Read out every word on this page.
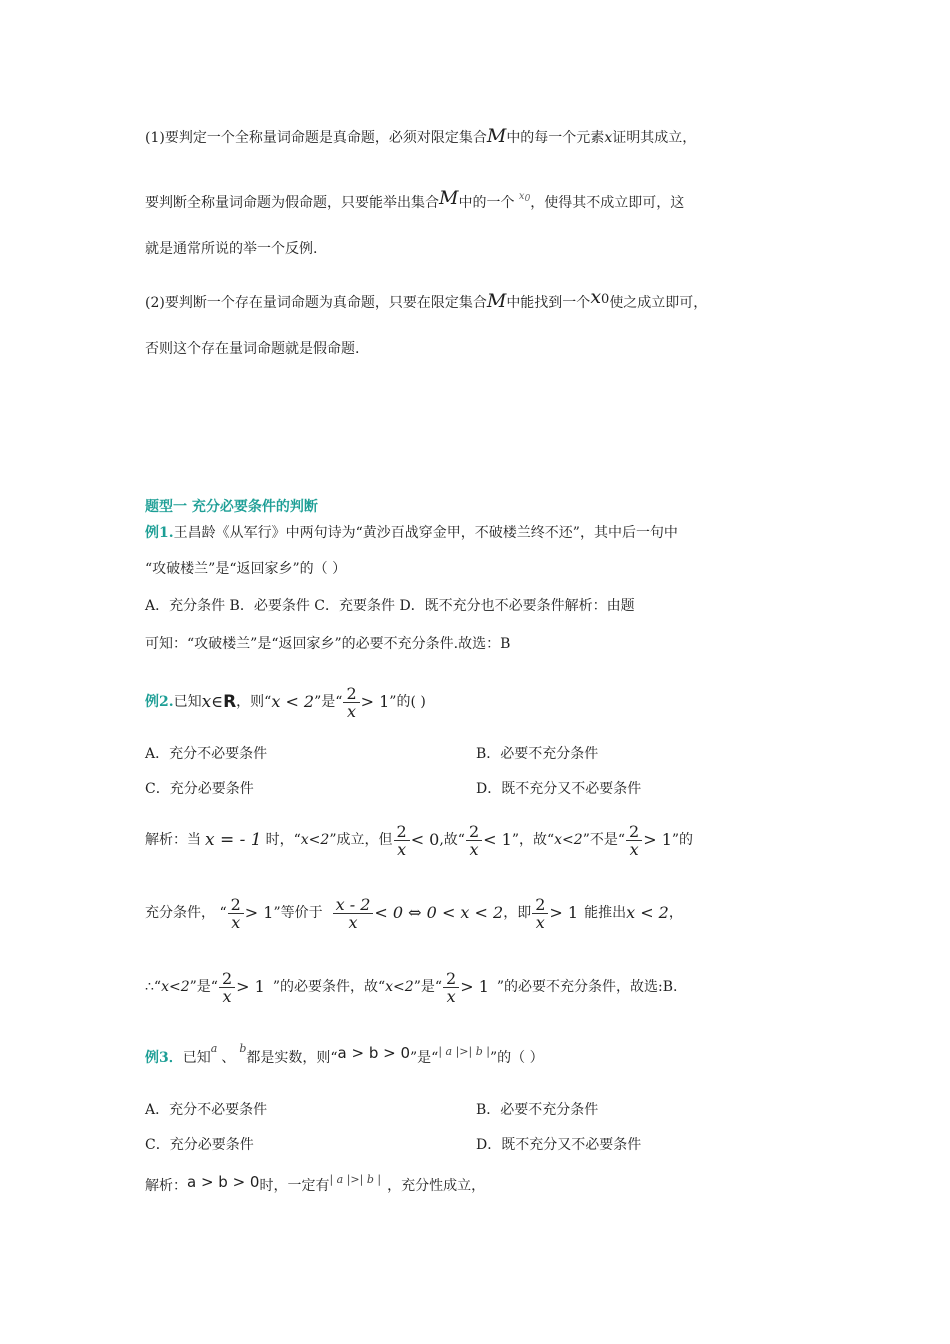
(1)要判定一个全称量词命题是真命题，必须对限定集合M中的每一个元素x证明其成立，
要判断全称量词命题为假命题，只要能举出集合M中的一个 $^{x0}$，使得其不成立即可，这
就是通常所说的举一个反例.
(2)要判断一个存在量词命题为真命题，只要在限定集合M中能找到一个x0使之成立即可，
否则这个存在量词命题就是假命题.
题型一 充分必要条件的判断
例1.王昌龄《从军行》中两句诗为“黄沙百战穿金甲，不破楼兰终不还”，其中后一句中
“攻破楼兰”是“返回家乡”的（ ）
A．充分条件 B．必要条件 C．充要条件 D．既不充分也不必要条件解析：由题
可知：“攻破楼兰”是“返回家乡”的必要不充分条件.故选：B
例2. 已知 x ∈ R ，则“ x < 2 ”是“ $\frac{2}{x} > 1$ ”的( )
A．充分不必要条件	B．必要不充分条件
C．充分必要条件	D．既不充分又不必要条件
解析：当 x = - 1 时，“ x<2 ”成立，但 $\frac{2}{x} < 0$ ,故“ $\frac{2}{x} < 1$ ”，故“ x<2 ”不是“ $\frac{2}{x} > 1$ ”的
充分条件， “ $\frac{2}{x} > 1$ ”等价于 $\frac{x - 2}{x} < 0$ ⇔ 0 < x < 2 ，即 $\frac{2}{x} > 1$ 能推出 x < 2 ，
∴“ x<2 ”是“ $\frac{2}{x} > 1$ ”的必要条件，故“ x<2 ”是“ $\frac{2}{x} > 1$ ”的必要不充分条件，故选:B.
例3． 已知
a
、
b
都是实数，则“ a > b > 0 ”是“ | a |>| b | ”的（ ）
A．充分不必要条件	B．必要不充分条件
C．充分必要条件	D．既不充分又不必要条件
解析： a > b > 0 时，一定有 | a |>| b | ，充分性成立，
